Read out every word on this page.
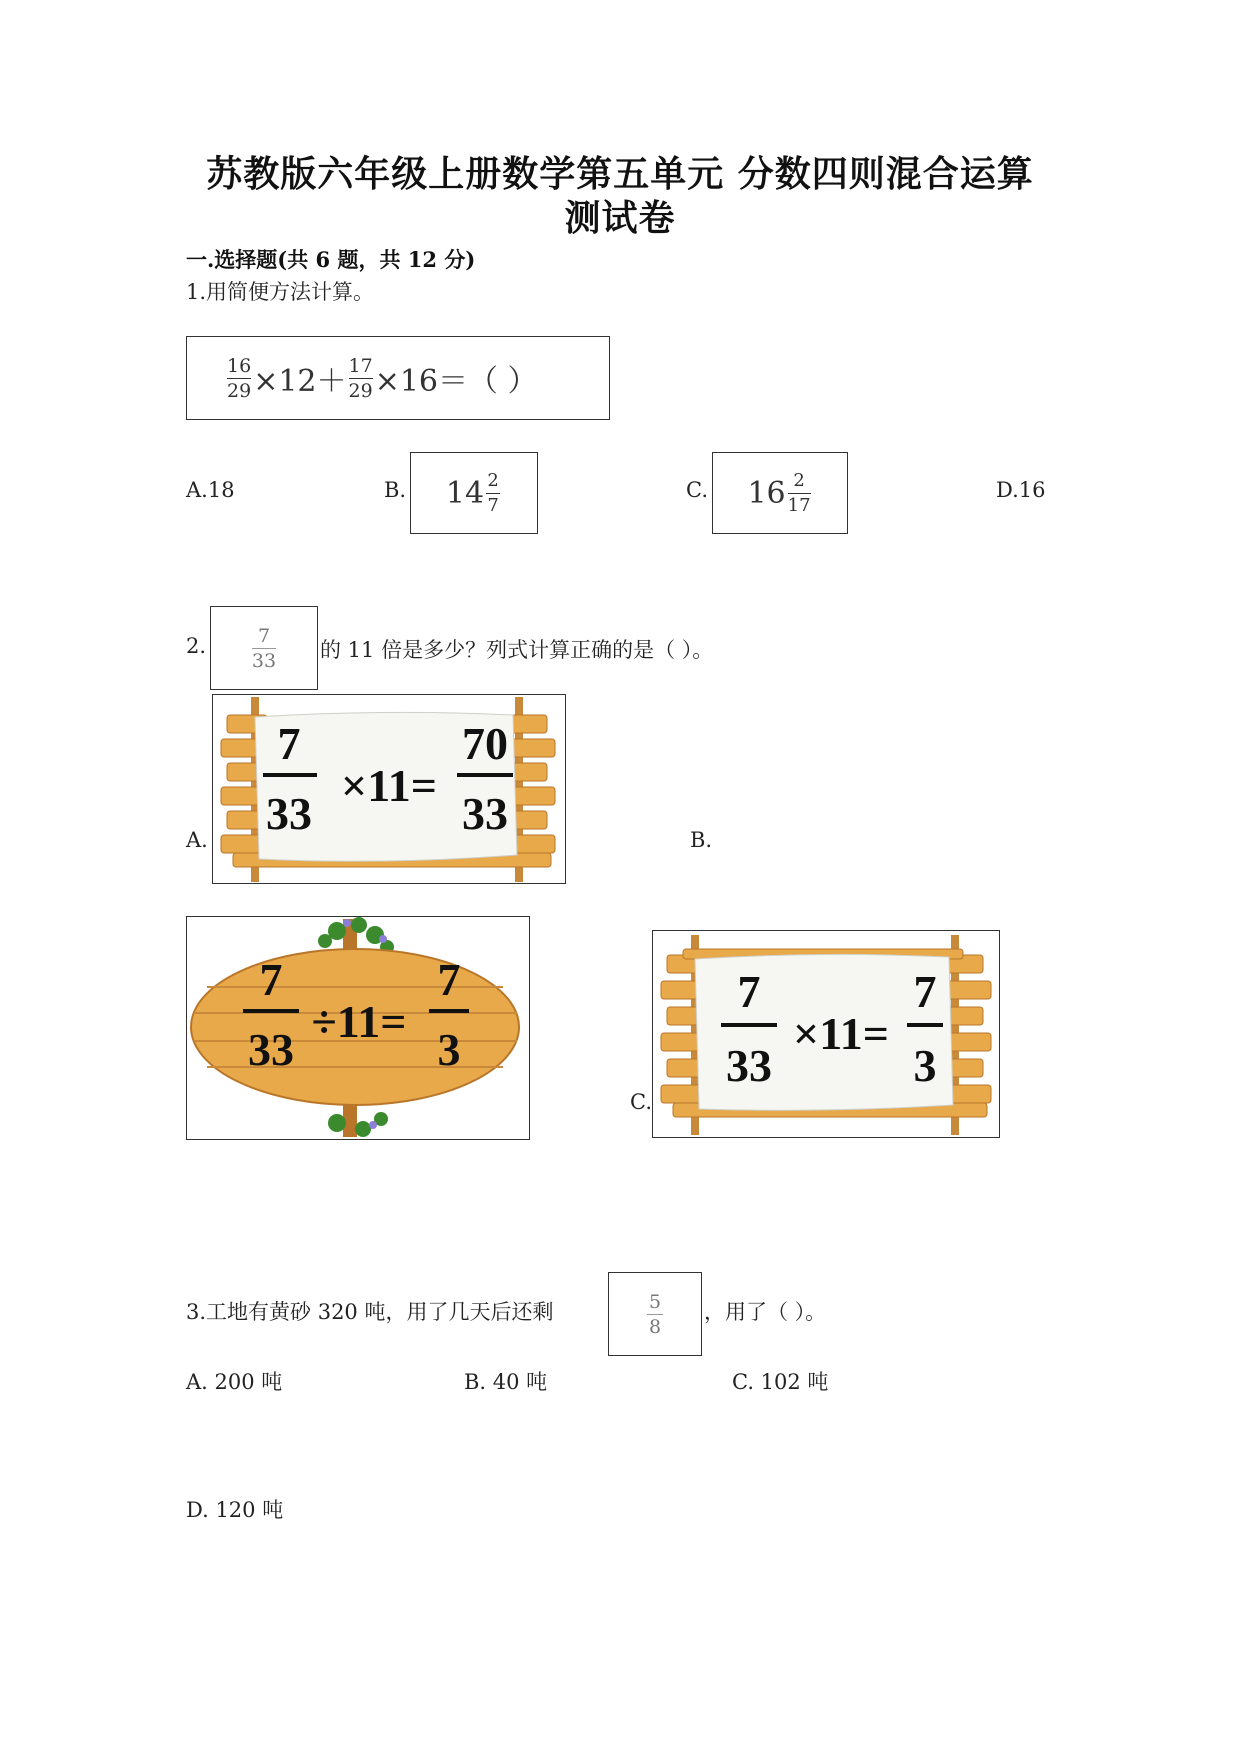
苏教版六年级上册数学第五单元 分数四则混合运算
测试卷
一.选择题(共 6 题，共 12 分)
1.用简便方法计算。
$\frac{16}{29} \times 12+ \frac{17}{29} \times 16=$（ ）
A.18	B. $14 \frac{2}{7}$	C. $16 \frac{2}{17}$	D.16
2. $\frac{7}{33}$ 的 11 倍是多少？列式计算正确的是（ ）。
A.
7
33
×11=
70
33
B.
7
33
÷11=
7
3
C.
7
33
×11=
7
3
3.工地有黄砂 320 吨，用了几天后还剩	$\frac{5}{8}$ ，用了（ ）。
A. 200 吨	B. 40 吨	C. 102 吨
D. 120 吨
